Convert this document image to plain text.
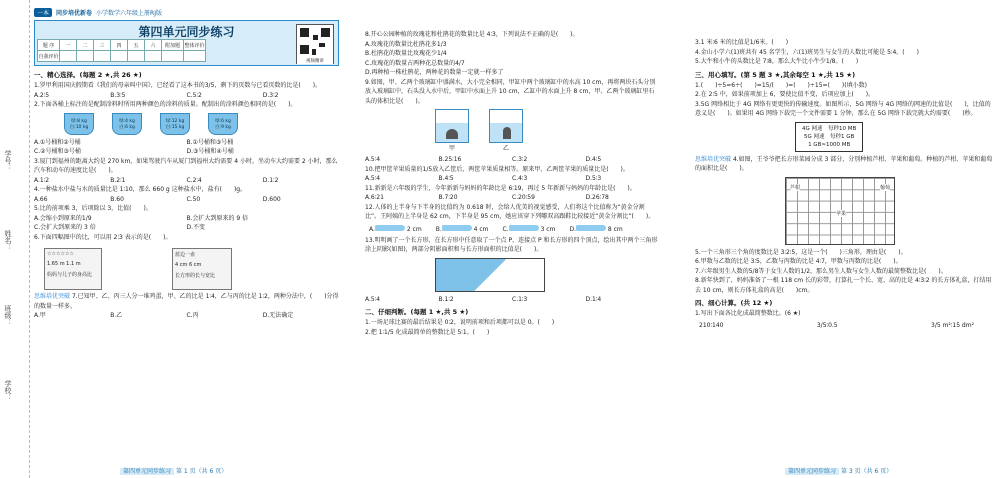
学号：
姓名：
班级：
学校：
一本	同步培优新卷 小学数学六年级上册RJ版
第四单元同步练习
题 序	一	二	三	四	五	六	附加题	整体评价
自我评价								
视频精讲
一、精心选择。(每题 2 ★,共 26 ★)
1.罗甲利用国庆假期看《我们的母亲叫中国》，已经看了这本书的3/5，剩下的页数与已看页数的比是(　　)。
A.2∶5	B.3∶5	C.5∶2	D.3∶2
2.下面各桶上标注的是配制涂料时所用两种颜色的涂料的质量。配制出的涂料颜色相同的是(　　)。
绿:8 kg
白:10 kg
绿:4 kg
白:6 kg
绿:12 kg
白:15 kg
绿:6 kg
白:9 kg
A.①号桶和②号桶	B.①号桶和③号桶
C.②号桶和③号桶	D.③号桶和④号桶
3.厦门到福州的距离大约是 270 km，如果驾驶汽车从厦门到福州大约需要 4 小时，坐动车大约需要 2 小时，那么汽车和动车的速度比是(　　)。
A.1∶2	B.2∶1	C.2∶4	D.1∶2
4.一种盐水中盐与水的质量比是 1∶10，那么 660 g 这种盐水中，盐有(　　)g。
A.66	B.60	C.50	D.600
5.比的前项乘 3，后项除以 3，比值(　　)。
A.会缩小到原来的1/9	B.会扩大到原来的 9 倍
C.会扩大到原来的 3 倍	D.不变
6.下面四幅图中的比，可以用 2∶3 表示的是(　　)。
☆☆☆☆☆☆
1.65 m 1.1 m
妈妈与儿子的身高比
蓝边一壶
4 cm 6 cm
长方形的长与宽比
思维培优突破 7.已知甲、乙、丙三人分一堆鸡蛋，甲、乙的比是 1∶4，乙与丙的比是 1∶2，两种分法中，(　　)分得的数量一样多。
A.甲	B.乙	C.丙	D.无法确定
第四单元同步练习 第 1 页（共 6 页）
8.开心公园种植的玫瑰花和杜鹃花的数量比是 4∶3，下列说法不正确的是(　　)。
A.玫瑰花的数量比杜鹃花多1/3
B.杜鹃花的数量比玫瑰花少1/4
C.玫瑰花的数量占两种花总数量的4/7
D.再种植一株杜鹃花，两种花的数量一定就一样多了
9.如图，甲、乙两个玻璃缸中盛满水，大小完全相同，甲缸中两个玻璃缸中的水高 10 cm，再将两块石头分别放入玻璃缸中，石头没入水中后，甲缸中水面上升 10 cm，乙缸中的水面上升 8 cm，甲、乙两个玻璃缸里石头的体积比是(　　)。
甲	乙
A.5∶4	B.25∶16	C.3∶2	D.4∶5
10.把甲筐苹果质量的1/5放入乙筐后，两筐苹果质量相等。原来甲、乙两筐苹果的质量比是(　　)。
A.5∶4	B.4∶5	C.4∶3	D.5∶3
11.新新是六年级的学生，今年新新与妈妈的年龄比是 6∶19，再过 5 年新新与妈妈的年龄比是(　　)。
A.6∶21	B.7∶20	C.20∶59	D.26∶78
12.人体的上半身与下半身的比值约为 0.618 时，会给人优美的视觉感受，人们将这个比值称为“黄金分割比”。王阿姨的上半身是 62 cm，下半身是 95 cm，她应该穿下列哪双高跟鞋比较接近“黄金分割比”(　　)。
A.	2 cm B.	4 cm C.	3 cm D.	8 cm
13.明明画了一个长方形，在长方形中任意取了一个点 P，连接点 P 和长方形的四个顶点，绘出其中两个三角形涂上阴影(如图)，两部分阴影面积和与长方形面积的比值是(　　)。
A.5∶4	B.1∶2	C.1∶3	D.1∶4
二、仔细判断。(每题 1 ★,共 5 ★)
1.一场足球比赛的最后结果是 0∶2，说明前项和后项都可以是 0。(　　)
2.把 1∶1/5 化成最简单的整数比是 5∶1。(　　)
3.1 米∶6 米的比值是1/6米。(　　)
4.金山小学六(1)班共有 45 名学生，六(1)班男生与女生的人数比可能是 5∶4。(　　)
5.大牛和小牛的头数比是 7∶8，那么大牛比小牛少1/8。(　　)
三、用心填写。(第 5 题 3 ★,其余每空 1 ★,共 15 ★)
1.(　　)÷5=6÷(　　)=15/(　　)=(　　)÷15=(　　)(填小数)
2.在 2∶5 中，如果前项加上 6，要使比值不变，后项应加上(　　)。
3.5G 网络相比于 4G 网络有更更快的传输速度。如图所示，5G 网络与 4G 网络的网速的比值是(　　)，比值的意义是(　　)。如果用 4G 网络下载完一个文件需要 1 分钟，那么在 5G 网络下载完就大约需要(　　)秒。
4G 网速　每秒10 MB
5G 网速　每秒1 GB
1 GB≈1000 MB
思维培优突破 4.如图，王爷爷把长方形菜园分成 3 部分，分别种植芦柑、苹果和葡萄。种植的芦柑、苹果和葡萄的面积比是(　　)。
芦柑
苹果
葡萄
5.一个三角形三个角的度数比是 3∶2∶5，这是一个(　　)三角形，理由是(　　)。
6.甲数与乙数的比是 3∶5，乙数与丙数的比是 4∶7，甲数与丙数的比是(　　)。
7.六年级男生人数的5/8等于女生人数的1/2，那么男生人数与女生人数的最简整数比是(　　)。
8.新年快到了，妈妈准备了一根 118 cm 长的彩带，打算扎一个长、宽、高的比是 4∶3∶2 的长方体礼盒，打结用去 10 cm，则长方体礼盒的高是(　　)cm。
四、细心计算。(共 12 ★)
1.写出下面各比化成最简整数比。(6 ★)
210∶140	3/5∶0.5	3/5 m²∶15 dm²
第四单元同步练习 第 3 页（共 6 页）
